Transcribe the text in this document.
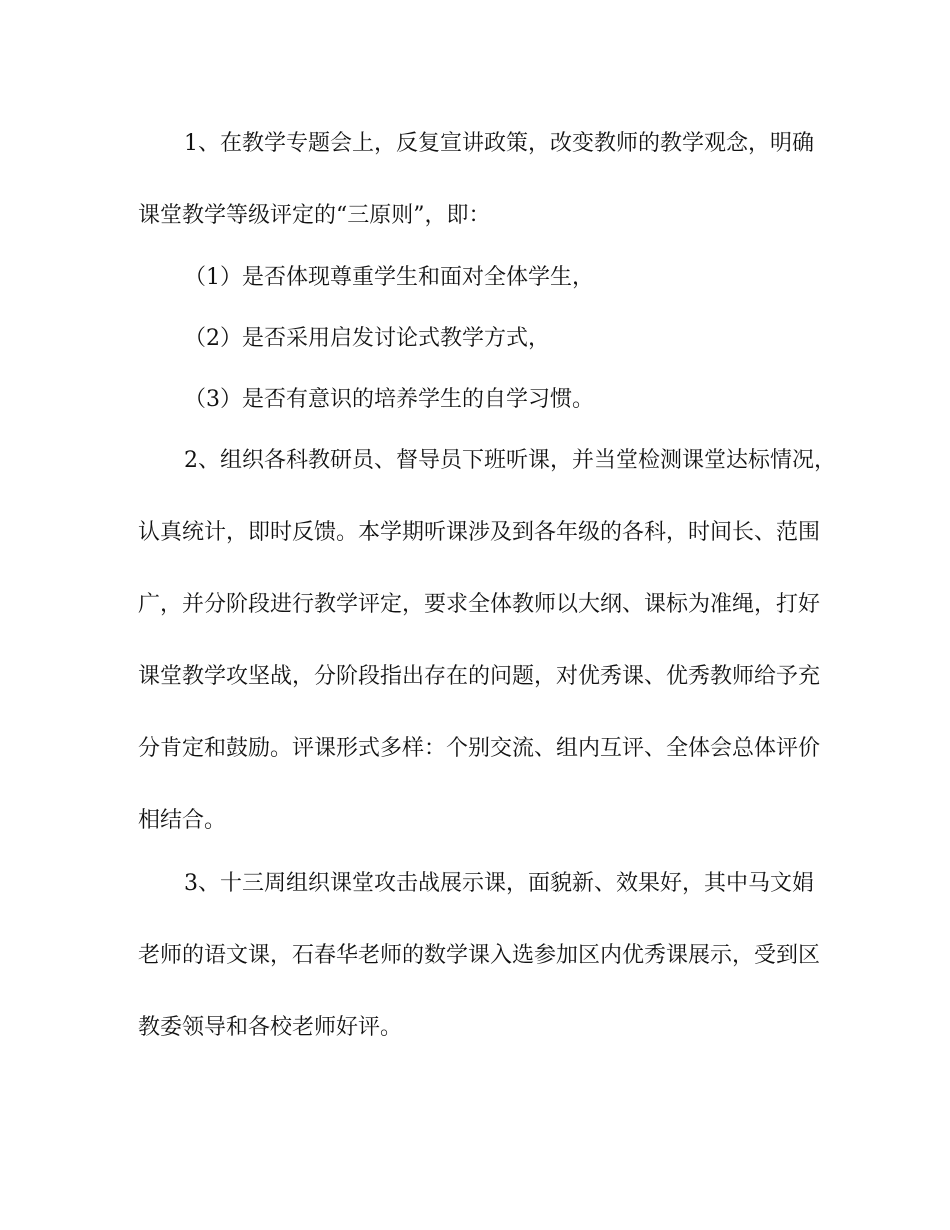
1、在教学专题会上，反复宣讲政策，改变教师的教学观念，明确
课堂教学等级评定的“三原则”，即：
（1）是否体现尊重学生和面对全体学生，
（2）是否采用启发讨论式教学方式，
（3）是否有意识的培养学生的自学习惯。
2、组织各科教研员、督导员下班听课，并当堂检测课堂达标情况，
认真统计，即时反馈。本学期听课涉及到各年级的各科，时间长、范围
广，并分阶段进行教学评定，要求全体教师以大纲、课标为准绳，打好
课堂教学攻坚战，分阶段指出存在的问题，对优秀课、优秀教师给予充
分肯定和鼓励。评课形式多样：个别交流、组内互评、全体会总体评价
相结合。
3、十三周组织课堂攻击战展示课，面貌新、效果好，其中马文娟
老师的语文课，石春华老师的数学课入选参加区内优秀课展示，受到区
教委领导和各校老师好评。
